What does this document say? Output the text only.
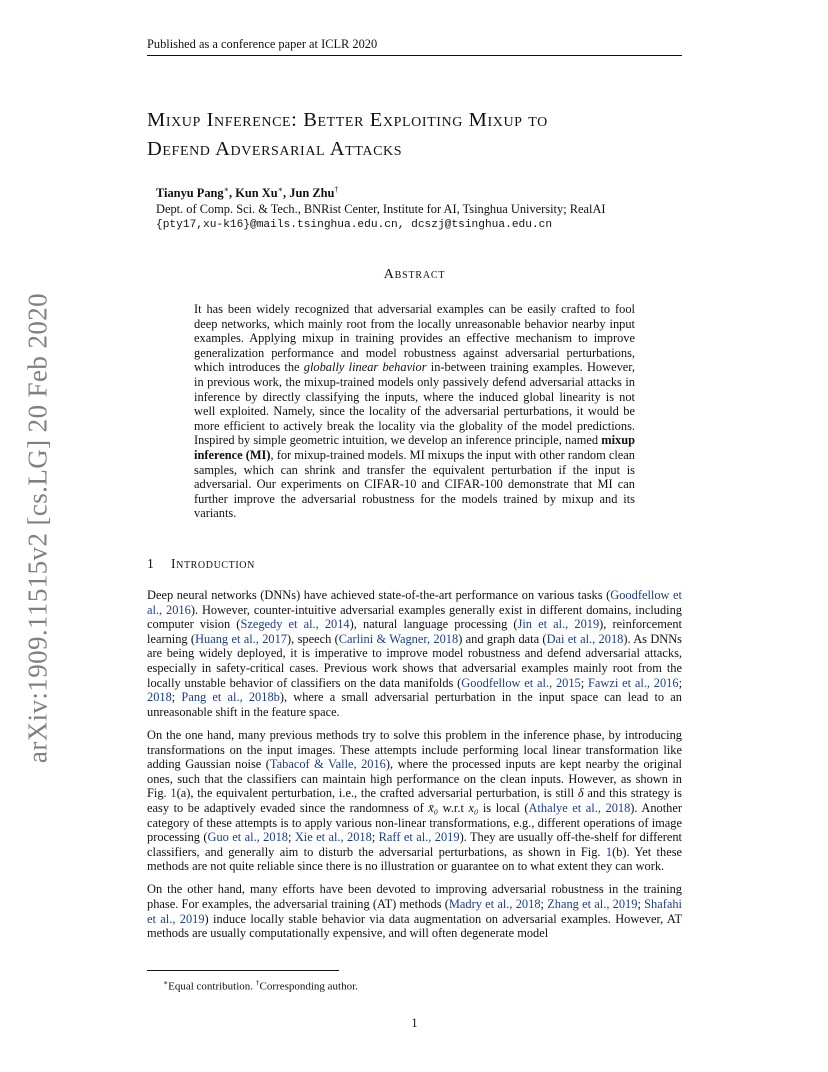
Published as a conference paper at ICLR 2020
arXiv:1909.11515v2 [cs.LG] 20 Feb 2020
Mixup Inference: Better Exploiting Mixup to
Defend Adversarial Attacks
Tianyu Pang∗, Kun Xu∗, Jun Zhu†
Dept. of Comp. Sci. & Tech., BNRist Center, Institute for AI, Tsinghua University; RealAI
{pty17,xu-k16}@mails.tsinghua.edu.cn, dcszj@tsinghua.edu.cn
Abstract
It has been widely recognized that adversarial examples can be easily crafted to fool deep networks, which mainly root from the locally unreasonable behavior nearby input examples. Applying mixup in training provides an effective mechanism to improve generalization performance and model robustness against adversarial perturbations, which introduces the globally linear behavior in-between training examples. However, in previous work, the mixup-trained models only passively defend adversarial attacks in inference by directly classifying the inputs, where the induced global linearity is not well exploited. Namely, since the locality of the adversarial perturbations, it would be more efficient to actively break the locality via the globality of the model predictions. Inspired by simple geometric intuition, we develop an inference principle, named mixup inference (MI), for mixup-trained models. MI mixups the input with other random clean samples, which can shrink and transfer the equivalent perturbation if the input is adversarial. Our experiments on CIFAR-10 and CIFAR-100 demonstrate that MI can further improve the adversarial robustness for the models trained by mixup and its variants.
1 Introduction

Deep neural networks (DNNs) have achieved state-of-the-art performance on various tasks (Goodfellow et al., 2016). However, counter-intuitive adversarial examples generally exist in different domains, including computer vision (Szegedy et al., 2014), natural language processing (Jin et al., 2019), reinforcement learning (Huang et al., 2017), speech (Carlini & Wagner, 2018) and graph data (Dai et al., 2018). As DNNs are being widely deployed, it is imperative to improve model robustness and defend adversarial attacks, especially in safety-critical cases. Previous work shows that adversarial examples mainly root from the locally unstable behavior of classifiers on the data manifolds (Goodfellow et al., 2015; Fawzi et al., 2016; 2018; Pang et al., 2018b), where a small adversarial perturbation in the input space can lead to an unreasonable shift in the feature space.

On the one hand, many previous methods try to solve this problem in the inference phase, by introducing transformations on the input images. These attempts include performing local linear transformation like adding Gaussian noise (Tabacof & Valle, 2016), where the processed inputs are kept nearby the original ones, such that the classifiers can maintain high performance on the clean inputs. However, as shown in Fig. 1(a), the equivalent perturbation, i.e., the crafted adversarial perturbation, is still δ and this strategy is easy to be adaptively evaded since the randomness of x̄₀ w.r.t x₀ is local (Athalye et al., 2018). Another category of these attempts is to apply various non-linear transformations, e.g., different operations of image processing (Guo et al., 2018; Xie et al., 2018; Raff et al., 2019). They are usually off-the-shelf for different classifiers, and generally aim to disturb the adversarial perturbations, as shown in Fig. 1(b). Yet these methods are not quite reliable since there is no illustration or guarantee on to what extent they can work.

On the other hand, many efforts have been devoted to improving adversarial robustness in the training phase. For examples, the adversarial training (AT) methods (Madry et al., 2018; Zhang et al., 2019; Shafahi et al., 2019) induce locally stable behavior via data augmentation on adversarial examples. However, AT methods are usually computationally expensive, and will often degenerate model

∗Equal contribution. †Corresponding author.
1
